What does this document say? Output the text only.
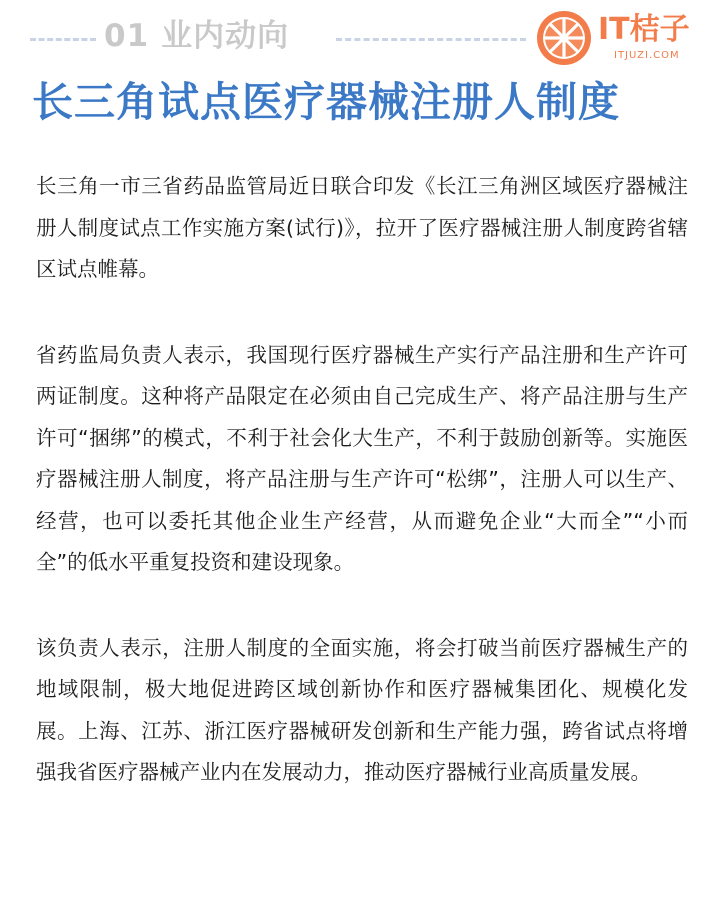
01 业内动向	IT桔子
ITJUZI.COM
长三角试点医疗器械注册人制度

长三角一市三省药品监管局近日联合印发《长江三角洲区域医疗器械注册人制度试点工作实施方案(试行)》，拉开了医疗器械注册人制度跨省辖区试点帷幕。

省药监局负责人表示，我国现行医疗器械生产实行产品注册和生产许可两证制度。这种将产品限定在必须由自己完成生产、将产品注册与生产许可“捆绑”的模式，不利于社会化大生产，不利于鼓励创新等。实施医疗器械注册人制度，将产品注册与生产许可“松绑”，注册人可以生产、经营，也可以委托其他企业生产经营，从而避免企业“大而全”“小而全”的低水平重复投资和建设现象。

该负责人表示，注册人制度的全面实施，将会打破当前医疗器械生产的地域限制，极大地促进跨区域创新协作和医疗器械集团化、规模化发展。上海、江苏、浙江医疗器械研发创新和生产能力强，跨省试点将增强我省医疗器械产业内在发展动力，推动医疗器械行业高质量发展。
